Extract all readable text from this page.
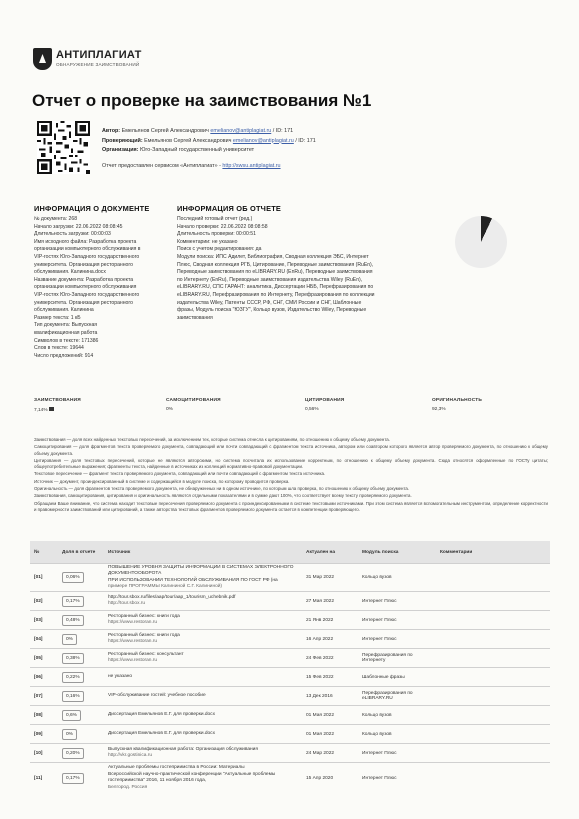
АНТИПЛАГИАТ
ОБНАРУЖЕНИЕ ЗАИМСТВОВАНИЙ
Отчет о проверке на заимствования №1
Автор: Емельянов Сергей Александрович emelianov@antiplagiat.ru / ID: 171
Проверяющий: Емельянов Сергей Александрович emelianov@antiplagiat.ru / ID: 171
Организация: Юго-Западный государственный университет
Отчет предоставлен сервисом «Антиплагиат» - http://swsu.antiplagiat.ru
ИНФОРМАЦИЯ О ДОКУМЕНТЕ
№ документа: 268
Начало загрузки: 22.06.2022 08:08:45
Длительность загрузки: 00:00:03
Имя исходного файла: Разработка проекта
организации компьютерного обслуживания в
VIP-гостях Юго-Западного государственного
университета. Организация ресторанного
обслуживания. Калинина.docx
Название документа: Разработка проекта
организации компьютерного обслуживания
VIP-гостях Юго-Западного государственного
университета. Организация ресторанного
обслуживания. Калинина
Размер текста: 1 кБ
Тип документа: Выпускная
квалификационная работа
Символов в тексте: 171386
Слов в тексте: 19644
Число предложений: 914
ИНФОРМАЦИЯ ОБ ОТЧЕТЕ
Последний готовый отчет (ред.)
Начало проверки: 22.06.2022 08:08:58
Длительность проверки: 00:00:51
Комментарии: не указано
Поиск с учетом редактирования: да
Модули поиска: ИПС Адилет, Библиография, Сводная коллекция ЭБС, Интернет
Плюс, Сводная коллекция РГБ, Цитирование, Переводные заимствования (RuEn),
Переводные заимствования по eLIBRARY.RU (EnRu), Переводные заимствования
по Интернету (EnRu), Переводные заимствования издательства Wiley (RuEn),
eLIBRARY.RU, СПС ГАРАНТ: аналитика, Диссертации НББ, Перефразирования по
eLIBRARY.RU, Перефразирования по Интернету, Перефразирования по коллекции
издательства Wiley, Патенты СССР, РФ, СНГ, СМИ России и СНГ, Шаблонные
фразы, Модуль поиска "ЮЗГУ", Кольцо вузов, Издательство Wiley, Переводные
заимствования
ЗАИМСТВОВАНИЯ
7,14%
САМОЦИТИРОВАНИЯ
0%
ЦИТИРОВАНИЯ
0,56%
ОРИГИНАЛЬНОСТЬ
92,3%

Заимствования — доля всех найденных текстовых пересечений, за исключением тех, которые система отнесла к цитированиям, по отношению к общему объему документа.

Самоцитирования — доля фрагментов текста проверяемого документа, совпадающий или почти совпадающий с фрагментом текста источника, автором или соавтором которого является автор проверяемого документа, по отношению к общему объему документа.

Цитирования — доля текстовых пересечений, которые не являются авторскими, но система посчитала их использование корректным, по отношению к общему объему документа. Сюда относятся оформленные по ГОСТу цитаты; общеупотребительные выражения; фрагменты текста, найденные в источниках из коллекций нормативно-правовой документации.

Текстовое пересечение — фрагмент текста проверяемого документа, совпадающий или почти совпадающий с фрагментом текста источника.

Источник — документ, проиндексированный в системе и содержащийся в модуле поиска, по которому проводится проверка.

Оригинальность — доля фрагментов текста проверяемого документа, не обнаруженных ни в одном источнике, по которым шла проверка, по отношению к общему объему документа.

Заимствования, самоцитирования, цитирования и оригинальность являются отдельными показателями и в сумме дают 100%, что соответствует всему тексту проверяемого документа.

Обращаем Ваше внимание, что система находит текстовые пересечения проверяемого документа с проиндексированными в системе текстовыми источниками. При этом система является вспомогательным инструментом, определение корректности и правомерности заимствований или цитирований, а также авторства текстовых фрагментов проверяемого документа остается в компетенции проверяющего.

№	Доля в отчете	Источник	Актуален на	Модуль поиска	Комментарии
[01]	0,06%	ПОВЫШЕНИЕ УРОВНЯ ЗАЩИТЫ ИНФОРМАЦИИ В СИСТЕМАХ ЭЛЕКТРОННОГО ДОКУМЕНТООБОРОТА
ПРИ ИСПОЛЬЗОВАНИИ ТЕХНОЛОГИЙ ОБСЛУЖИВАНИЯ ПО ГОСТ РФ (на
примере ПРОГРАММЫ Калининой С.Г. Калининой)	31 Мар 2022	Кольцо вузов	
[02]	0,17%	http://tour.sbox.ru/files/aap/tour/aap_1/tourism_uchebnik.pdf
http://tour.sbox.ru	27 Мая 2022	Интернет Плюс	
[03]	0,48%	Ресторанный бизнес: книги года
https://www.restoran.ru	21 Янв 2022	Интернет Плюс	
[04]	0%	Ресторанный бизнес: книги года
https://www.restoran.ru	16 Апр 2022	Интернет Плюс	
[05]	0,38%	Ресторанный бизнес: консультант
https://www.restoran.ru	24 Фев 2022	Перефразирования по Интернету	
[06]	0,22%	не указано	15 Фев 2022	Шаблонные фразы	
[07]	0,16%	VIP-обслуживание гостей: учебное пособие	13 Дек 2016	Перефразирования по eLIBRARY.RU	
[08]	0,6%	Диссертация Емельянов Е.Г. для проверки.docx	01 Мая 2022	Кольцо вузов	
[09]	0%	Диссертация Емельянов Е.Г. для проверки.docx	01 Мая 2022	Кольцо вузов	
[10]	0,20%	Выпускная квалификационная работа: Организация обслуживания
http://vkr.gostinica.ru	24 Мар 2022	Интернет Плюс	
[11]	0,17%	Актуальные проблемы гостеприимства в России: Материалы
Всероссийской научно-практической конференции "Актуальные проблемы гостеприимства" 2016, 11 ноября 2016 года,
Белгород. Россия	15 Апр 2020	Интернет Плюс	
